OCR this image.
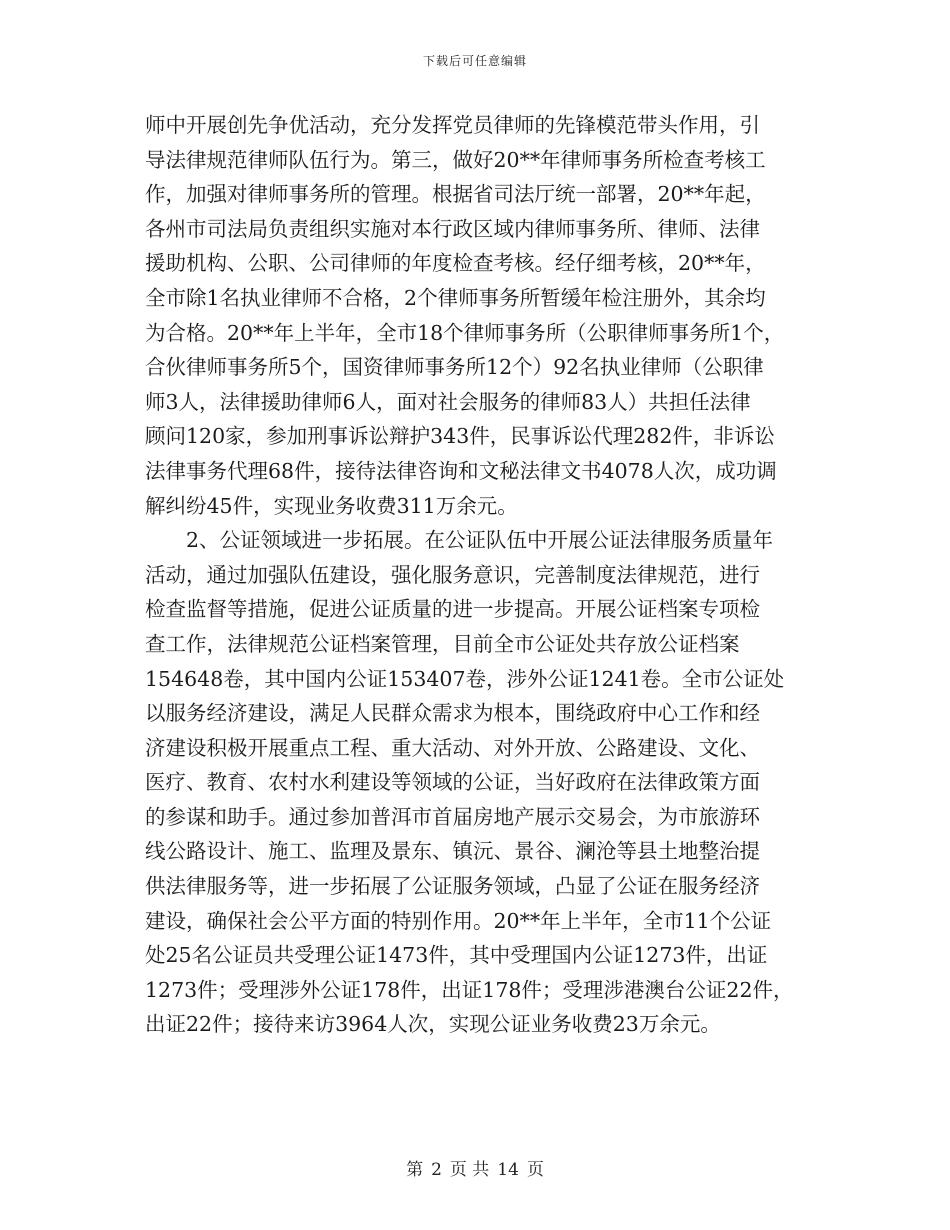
下载后可任意编辑
师中开展创先争优活动，充分发挥党员律师的先锋模范带头作用，引
导法律规范律师队伍行为。第三，做好20**年律师事务所检查考核工
作，加强对律师事务所的管理。根据省司法厅统一部署，20**年起，
各州市司法局负责组织实施对本行政区域内律师事务所、律师、法律
援助机构、公职、公司律师的年度检查考核。经仔细考核，20**年，
全市除1名执业律师不合格，2个律师事务所暂缓年检注册外，其余均
为合格。20**年上半年，全市18个律师事务所（公职律师事务所1个，
合伙律师事务所5个，国资律师事务所12个）92名执业律师（公职律
师3人，法律援助律师6人，面对社会服务的律师83人）共担任法律
顾问120家，参加刑事诉讼辩护343件，民事诉讼代理282件，非诉讼
法律事务代理68件，接待法律咨询和文秘法律文书4078人次，成功调
解纠纷45件，实现业务收费311万余元。
　　2、公证领域进一步拓展。在公证队伍中开展公证法律服务质量年
活动，通过加强队伍建设，强化服务意识，完善制度法律规范，进行
检查监督等措施，促进公证质量的进一步提高。开展公证档案专项检
查工作，法律规范公证档案管理，目前全市公证处共存放公证档案
154648卷，其中国内公证153407卷，涉外公证1241卷。全市公证处
以服务经济建设，满足人民群众需求为根本，围绕政府中心工作和经
济建设积极开展重点工程、重大活动、对外开放、公路建设、文化、
医疗、教育、农村水利建设等领域的公证，当好政府在法律政策方面
的参谋和助手。通过参加普洱市首届房地产展示交易会，为市旅游环
线公路设计、施工、监理及景东、镇沅、景谷、澜沧等县土地整治提
供法律服务等，进一步拓展了公证服务领域，凸显了公证在服务经济
建设，确保社会公平方面的特别作用。20**年上半年，全市11个公证
处25名公证员共受理公证1473件，其中受理国内公证1273件，出证
1273件；受理涉外公证178件，出证178件；受理涉港澳台公证22件，
出证22件；接待来访3964人次，实现公证业务收费23万余元。
第 2 页 共 14 页
